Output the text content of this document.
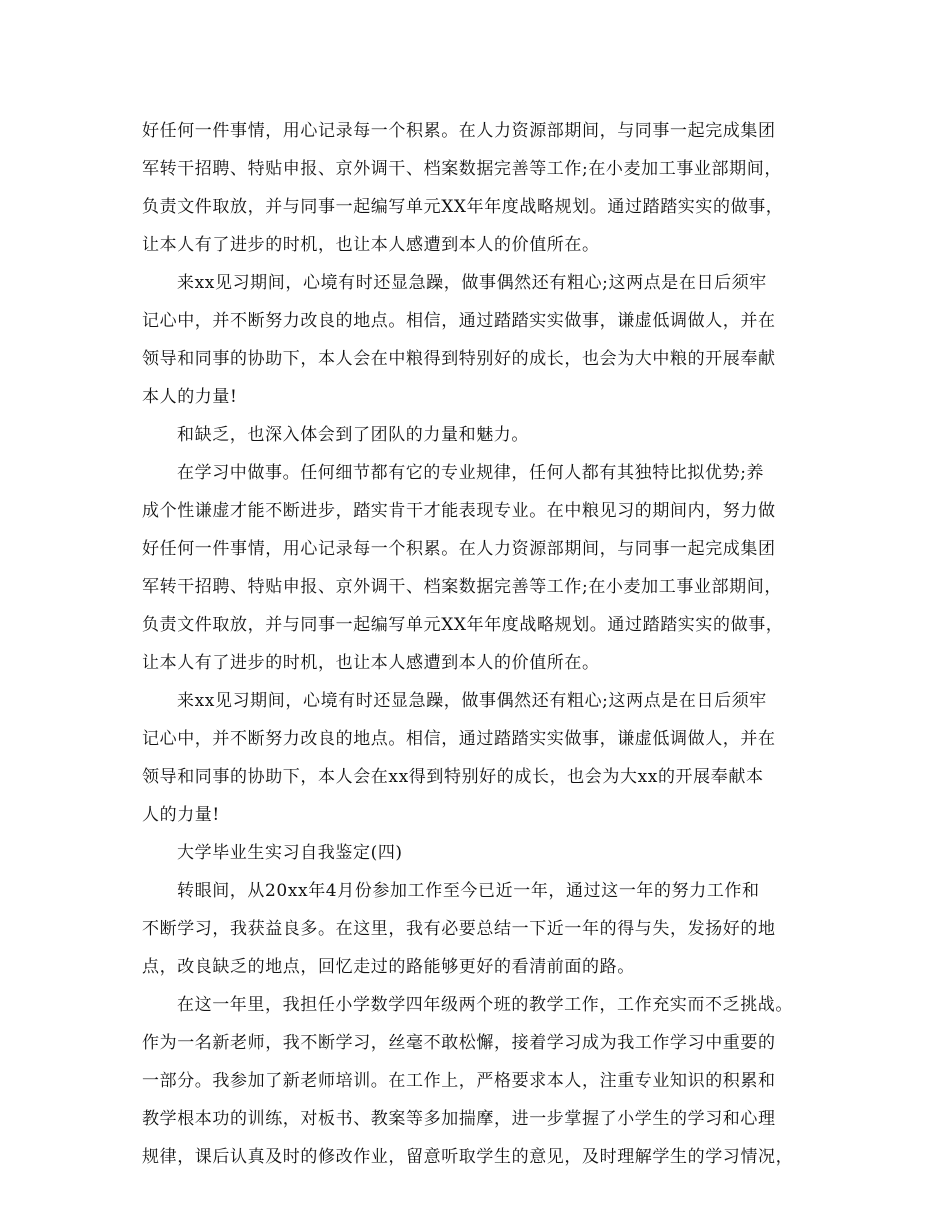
好任何一件事情，用心记录每一个积累。在人力资源部期间，与同事一起完成集团
军转干招聘、特贴申报、京外调干、档案数据完善等工作;在小麦加工事业部期间，
负责文件取放，并与同事一起编写单元XX年年度战略规划。通过踏踏实实的做事，
让本人有了进步的时机，也让本人感遭到本人的价值所在。
来xx见习期间，心境有时还显急躁，做事偶然还有粗心;这两点是在日后须牢
记心中，并不断努力改良的地点。相信，通过踏踏实实做事，谦虚低调做人，并在
领导和同事的协助下，本人会在中粮得到特别好的成长，也会为大中粮的开展奉献
本人的力量!
和缺乏，也深入体会到了团队的力量和魅力。
在学习中做事。任何细节都有它的专业规律，任何人都有其独特比拟优势;养
成个性谦虚才能不断进步，踏实肯干才能表现专业。在中粮见习的期间内，努力做
好任何一件事情，用心记录每一个积累。在人力资源部期间，与同事一起完成集团
军转干招聘、特贴申报、京外调干、档案数据完善等工作;在小麦加工事业部期间，
负责文件取放，并与同事一起编写单元XX年年度战略规划。通过踏踏实实的做事，
让本人有了进步的时机，也让本人感遭到本人的价值所在。
来xx见习期间，心境有时还显急躁，做事偶然还有粗心;这两点是在日后须牢
记心中，并不断努力改良的地点。相信，通过踏踏实实做事，谦虚低调做人，并在
领导和同事的协助下，本人会在xx得到特别好的成长，也会为大xx的开展奉献本
人的力量!
大学毕业生实习自我鉴定(四)
转眼间，从20xx年4月份参加工作至今已近一年，通过这一年的努力工作和
不断学习，我获益良多。在这里，我有必要总结一下近一年的得与失，发扬好的地
点，改良缺乏的地点，回忆走过的路能够更好的看清前面的路。
在这一年里，我担任小学数学四年级两个班的教学工作，工作充实而不乏挑战。
作为一名新老师，我不断学习，丝毫不敢松懈，接着学习成为我工作学习中重要的
一部分。我参加了新老师培训。在工作上，严格要求本人，注重专业知识的积累和
教学根本功的训练，对板书、教案等多加揣摩，进一步掌握了小学生的学习和心理
规律，课后认真及时的修改作业，留意听取学生的意见，及时理解学生的学习情况，
